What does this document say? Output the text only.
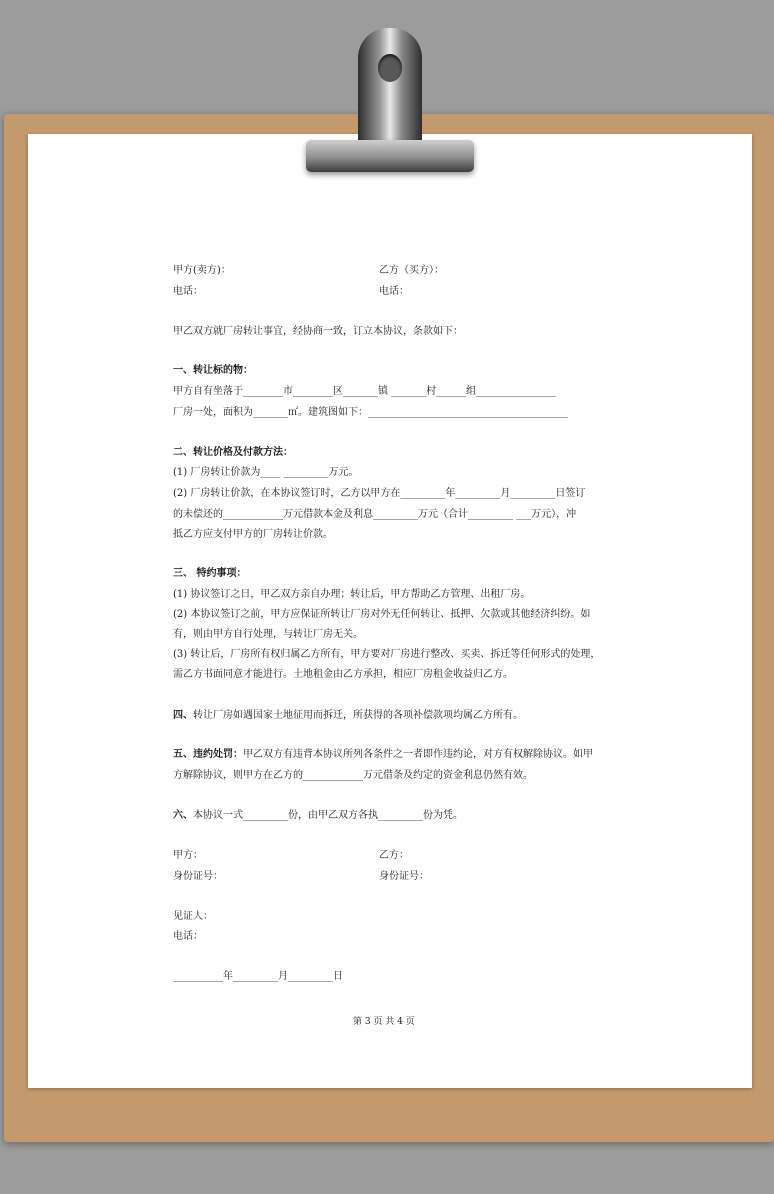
甲方(卖方)：	乙方（买方）：

电话：	电话：

甲乙双方就厂房转让事宜，经协商一致，订立本协议，条款如下：

一、转让标的物：

甲方自有坐落于________市________区_______镇 _______村______组________________

厂房一处，面积为_______㎡。建筑图如下：________________________________________

二、转让价格及付款方法：

(1) 厂房转让价款为____ _________万元。

(2) 厂房转让价款，在本协议签订时，乙方以甲方在_________年_________月_________日签订

的未偿还的____________万元借款本金及利息_________万元（合计_________ ___万元），冲

抵乙方应支付甲方的厂房转让价款。

三、 特约事项：

(1) 协议签订之日，甲乙双方亲自办理；转让后，甲方帮助乙方管理、出租厂房。

(2) 本协议签订之前，甲方应保证所转让厂房对外无任何转让、抵押、欠款或其他经济纠纷。如

有，则由甲方自行处理，与转让厂房无关。

(3) 转让后，厂房所有权归属乙方所有，甲方要对厂房进行整改、买卖、拆迁等任何形式的处理，

需乙方书面同意才能进行。土地租金由乙方承担，相应厂房租金收益归乙方。

四、转让厂房如遇国家土地征用而拆迁，所获得的各项补偿款项均属乙方所有。

五、违约处罚：甲乙双方有违背本协议所列各条件之一者即作违约论，对方有权解除协议。如甲

方解除协议，则甲方在乙方的____________万元借条及约定的资金利息仍然有效。

六、本协议一式_________份，由甲乙双方各执_________份为凭。

甲方：	乙方：

身份证号：	身份证号：

见证人：

电话：

__________年_________月_________日

第 3 页 共 4 页
